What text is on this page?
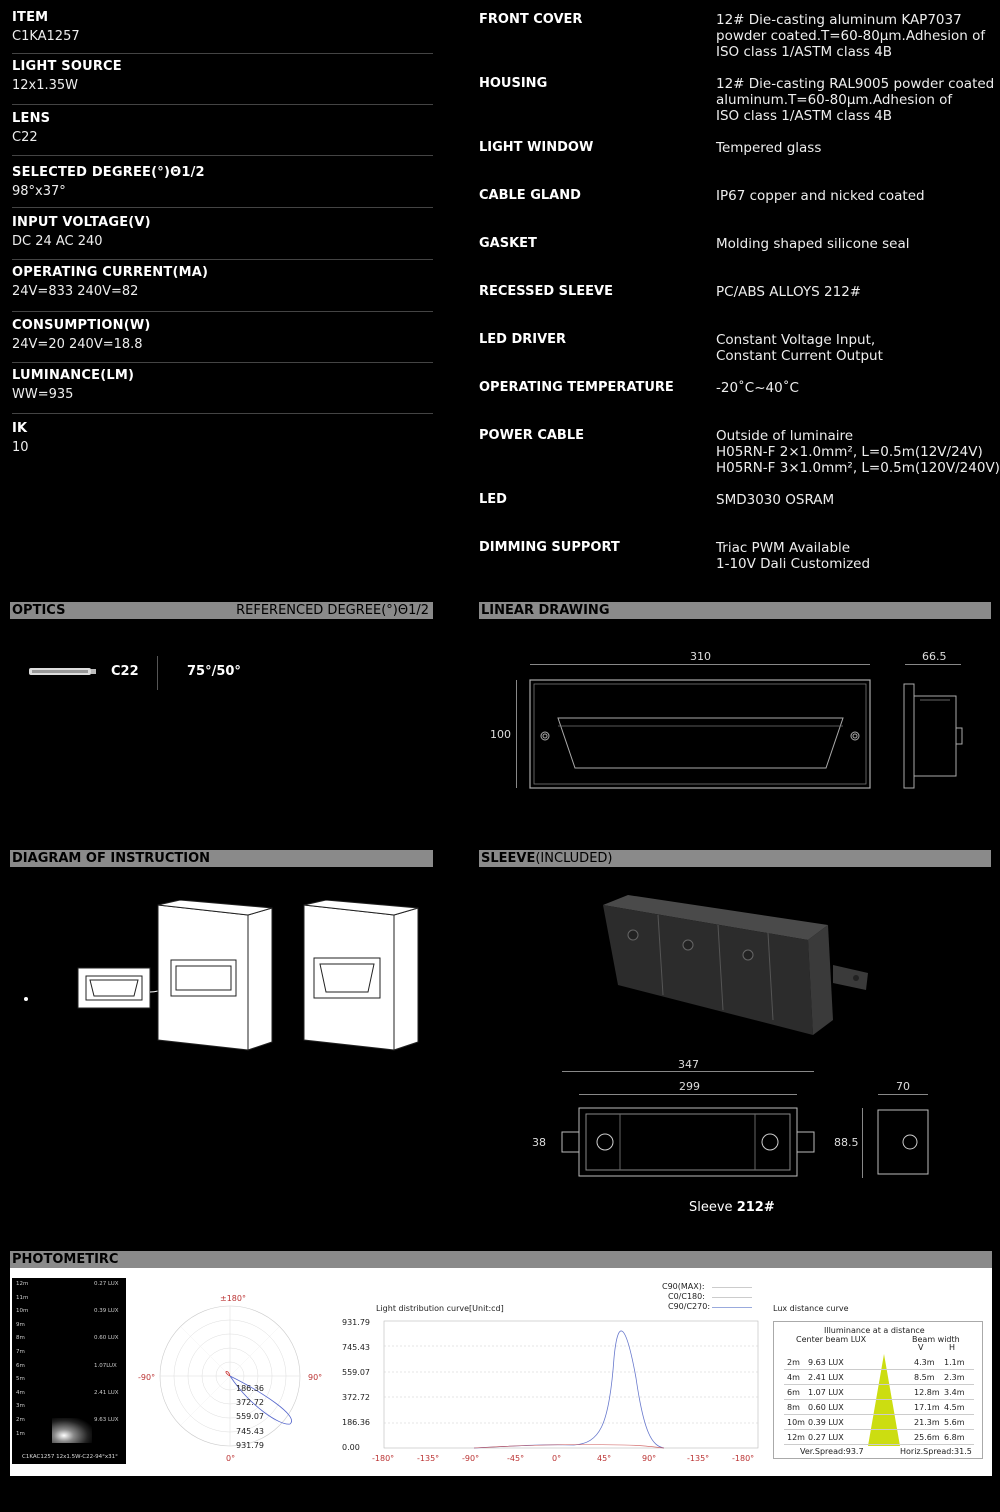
ITEM
C1KA1257
LIGHT SOURCE
12x1.35W
LENS
C22
SELECTED DEGREE(°)Θ1/2
98°x37°
INPUT VOLTAGE(V)
DC 24 AC 240
OPERATING CURRENT(MA)
24V=833 240V=82
CONSUMPTION(W)
24V=20 240V=18.8
LUMINANCE(LM)
WW=935
IK
10
FRONT COVER	12# Die-casting aluminum KAP7037
powder coated.T=60-80μm.Adhesion of
ISO class 1/ASTM class 4B
HOUSING	12# Die-casting RAL9005 powder coated
aluminum.T=60-80μm.Adhesion of
ISO class 1/ASTM class 4B
LIGHT WINDOW	Tempered glass
CABLE GLAND	IP67 copper and nicked coated
GASKET	Molding shaped silicone seal
RECESSED SLEEVE	PC/ABS ALLOYS 212#
LED DRIVER	Constant Voltage Input,
Constant Current Output
OPERATING TEMPERATURE	-20˚C~40˚C
POWER CABLE	Outside of luminaire
H05RN-F 2×1.0mm², L=0.5m(12V/24V)
H05RN-F 3×1.0mm², L=0.5m(120V/240V)
LED	SMD3030 OSRAM
DIMMING SUPPORT	Triac PWM Available
1-10V Dali Customized
OPTICS	REFERENCED DEGREE(°)Θ1/2
C22	75°/50°
LINEAR DRAWING
310	66.5
100
DIAGRAM OF INSTRUCTION	SLEEVE(INCLUDED)
347
299	70
38	88.5
Sleeve 212#
PHOTOMETIRC
12m
11m
10m
9m
8m
7m
6m
5m
4m
3m
2m
1m
0.27 LUX
0.39 LUX
0.60 LUX
1.07LUX
2.41 LUX
9.63 LUX
C1KAC1257 12x1.5W-C22-94°x31°
±180°
-90°	90°
0°
186.36
372.72
559.07
745.43
931.79
Light distribution curve[Unit:cd]
C90(MAX):
C0/C180:
C90/C270:
931.79
745.43
559.07
372.72
186.36
0.00
-180°	-135°	-90°	-45°	0°	45°	90°	-135°	-180°
Lux distance curve
Illuminance at a distance
Center beam LUX	Beam width
V	H
2m 9.63 LUX	4.3m 1.1m
4m 2.41 LUX	8.5m 2.3m
6m 1.07 LUX	12.8m 3.4m
8m 0.60 LUX	17.1m 4.5m
10m 0.39 LUX	21.3m 5.6m
12m 0.27 LUX	25.6m 6.8m
Ver.Spread:93.7	Horiz.Spread:31.5
